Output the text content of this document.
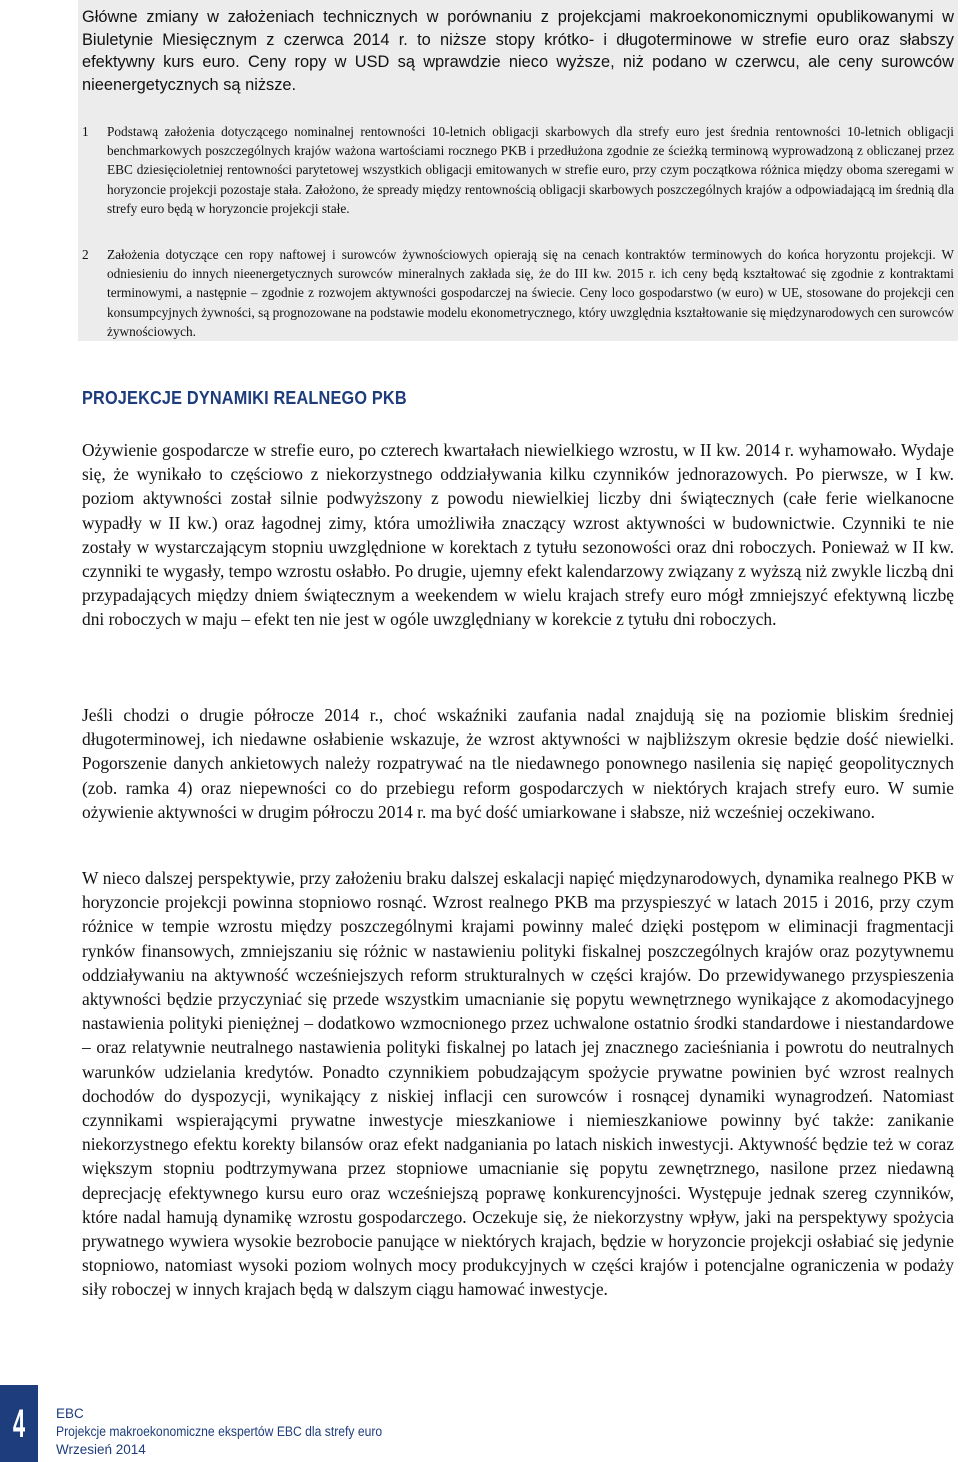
Główne zmiany w założeniach technicznych w porównaniu z projekcjami makroekonomicznymi opublikowanymi w Biuletynie Miesięcznym z czerwca 2014 r. to niższe stopy krótko- i długoterminowe w strefie euro oraz słabszy efektywny kurs euro. Ceny ropy w USD są wprawdzie nieco wyższe, niż podano w czerwcu, ale ceny surowców nieenergetycznych są niższe.

1 Podstawą założenia dotyczącego nominalnej rentowności 10-letnich obligacji skarbowych dla strefy euro jest średnia rentowności 10-letnich obligacji benchmarkowych poszczególnych krajów ważona wartościami rocznego PKB i przedłużona zgodnie ze ścieżką terminową wyprowadzoną z obliczanej przez EBC dziesięcioletniej rentowności parytetowej wszystkich obligacji emitowanych w strefie euro, przy czym początkowa różnica między oboma szeregami w horyzoncie projekcji pozostaje stała. Założono, że spready między rentownością obligacji skarbowych poszczególnych krajów a odpowiadającą im średnią dla strefy euro będą w horyzoncie projekcji stałe.
2 Założenia dotyczące cen ropy naftowej i surowców żywnościowych opierają się na cenach kontraktów terminowych do końca horyzontu projekcji. W odniesieniu do innych nieenergetycznych surowców mineralnych zakłada się, że do III kw. 2015 r. ich ceny będą kształtować się zgodnie z kontraktami terminowymi, a następnie – zgodnie z rozwojem aktywności gospodarczej na świecie. Ceny loco gospodarstwo (w euro) w UE, stosowane do projekcji cen konsumpcyjnych żywności, są prognozowane na podstawie modelu ekonometrycznego, który uwzględnia kształtowanie się międzynarodowych cen surowców żywnościowych.
PROJEKCJE DYNAMIKI REALNEGO PKB

Ożywienie gospodarcze w strefie euro, po czterech kwartałach niewielkiego wzrostu, w II kw. 2014 r. wyhamowało. Wydaje się, że wynikało to częściowo z niekorzystnego oddziaływania kilku czynników jednorazowych. Po pierwsze, w I kw. poziom aktywności został silnie podwyższony z powodu niewielkiej liczby dni świątecznych (całe ferie wielkanocne wypadły w II kw.) oraz łagodnej zimy, która umożliwiła znaczący wzrost aktywności w budownictwie. Czynniki te nie zostały w wystarczającym stopniu uwzględnione w korektach z tytułu sezonowości oraz dni roboczych. Ponieważ w II kw. czynniki te wygasły, tempo wzrostu osłabło. Po drugie, ujemny efekt kalendarzowy związany z wyższą niż zwykle liczbą dni przypadających między dniem świątecznym a weekendem w wielu krajach strefy euro mógł zmniejszyć efektywną liczbę dni roboczych w maju – efekt ten nie jest w ogóle uwzględniany w korekcie z tytułu dni roboczych.

Jeśli chodzi o drugie półrocze 2014 r., choć wskaźniki zaufania nadal znajdują się na poziomie bliskim średniej długoterminowej, ich niedawne osłabienie wskazuje, że wzrost aktywności w najbliższym okresie będzie dość niewielki. Pogorszenie danych ankietowych należy rozpatrywać na tle niedawnego ponownego nasilenia się napięć geopolitycznych (zob. ramka 4) oraz niepewności co do przebiegu reform gospodarczych w niektórych krajach strefy euro. W sumie ożywienie aktywności w drugim półroczu 2014 r. ma być dość umiarkowane i słabsze, niż wcześniej oczekiwano.

W nieco dalszej perspektywie, przy założeniu braku dalszej eskalacji napięć międzynarodowych, dynamika realnego PKB w horyzoncie projekcji powinna stopniowo rosnąć. Wzrost realnego PKB ma przyspieszyć w latach 2015 i 2016, przy czym różnice w tempie wzrostu między poszczególnymi krajami powinny maleć dzięki postępom w eliminacji fragmentacji rynków finansowych, zmniejszaniu się różnic w nastawieniu polityki fiskalnej poszczególnych krajów oraz pozytywnemu oddziaływaniu na aktywność wcześniejszych reform strukturalnych w części krajów. Do przewidywanego przyspieszenia aktywności będzie przyczyniać się przede wszystkim umacnianie się popytu wewnętrznego wynikające z akomodacyjnego nastawienia polityki pieniężnej – dodatkowo wzmocnionego przez uchwalone ostatnio środki standardowe i niestandardowe – oraz relatywnie neutralnego nastawienia polityki fiskalnej po latach jej znacznego zacieśniania i powrotu do neutralnych warunków udzielania kredytów. Ponadto czynnikiem pobudzającym spożycie prywatne powinien być wzrost realnych dochodów do dyspozycji, wynikający z niskiej inflacji cen surowców i rosnącej dynamiki wynagrodzeń. Natomiast czynnikami wspierającymi prywatne inwestycje mieszkaniowe i niemieszkaniowe powinny być także: zanikanie niekorzystnego efektu korekty bilansów oraz efekt nadganiania po latach niskich inwestycji. Aktywność będzie też w coraz większym stopniu podtrzymywana przez stopniowe umacnianie się popytu zewnętrznego, nasilone przez niedawną deprecjację efektywnego kursu euro oraz wcześniejszą poprawę konkurencyjności. Występuje jednak szereg czynników, które nadal hamują dynamikę wzrostu gospodarczego. Oczekuje się, że niekorzystny wpływ, jaki na perspektywy spożycia prywatnego wywiera wysokie bezrobocie panujące w niektórych krajach, będzie w horyzoncie projekcji osłabiać się jedynie stopniowo, natomiast wysoki poziom wolnych mocy produkcyjnych w części krajów i potencjalne ograniczenia w podaży siły roboczej w innych krajach będą w dalszym ciągu hamować inwestycje.

4	EBC
Projekcje makroekonomiczne ekspertów EBC dla strefy euro
Wrzesień 2014
